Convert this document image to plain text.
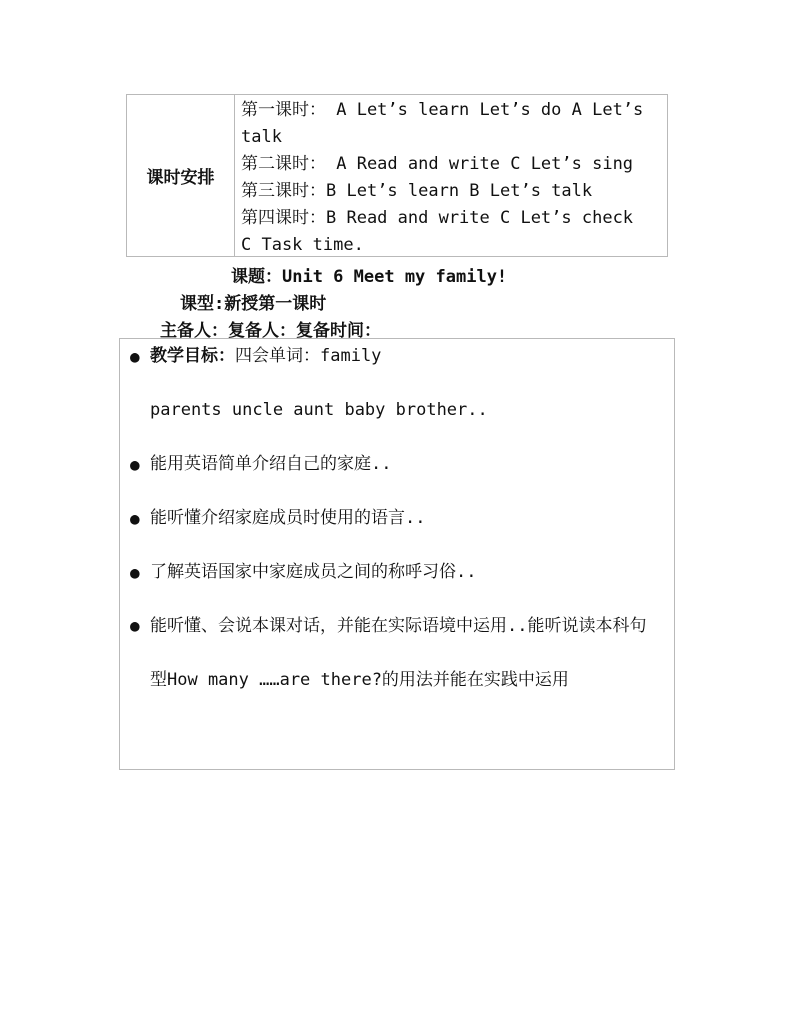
课时安排
第一课时： A Let’s learn Let’s do A Let’s
talk
第二课时： A Read and write C Let’s sing
第三课时：B Let’s learn B Let’s talk
第四课时：B Read and write C Let’s check
C Task time.
课题：Unit 6 Meet my family!
课型:新授第一课时
主备人：复备人：复备时间：
● 教学目标：四会单词：family
parents uncle aunt baby brother..
● 能用英语简单介绍自己的家庭..
● 能听懂介绍家庭成员时使用的语言..
● 了解英语国家中家庭成员之间的称呼习俗..
● 能听懂、会说本课对话，并能在实际语境中运用..能听说读本科句型How many ……are there?的用法并能在实践中运用
